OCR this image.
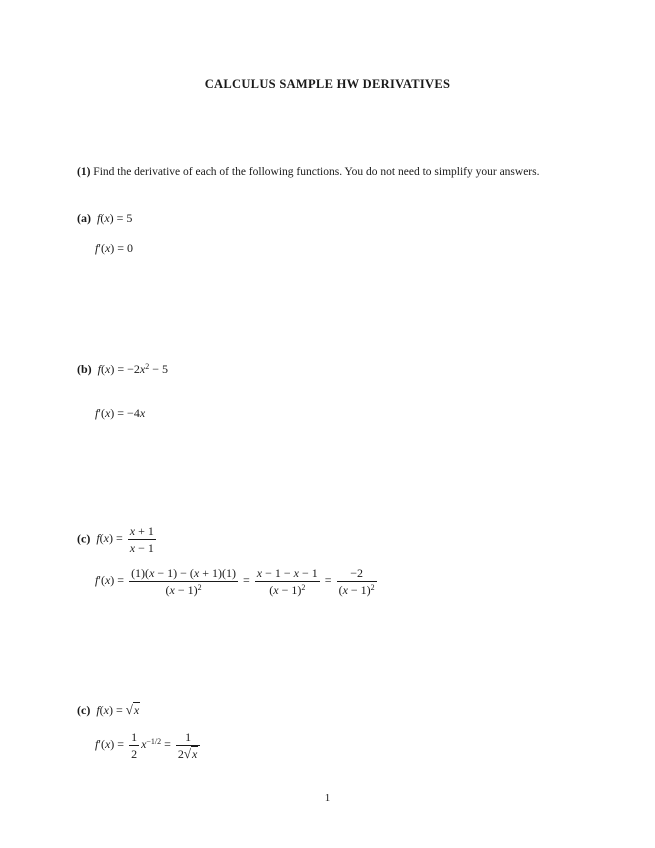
CALCULUS SAMPLE HW DERIVATIVES
(1) Find the derivative of each of the following functions. You do not need to simplify your answers.
(a) f(x) = 5
f′(x) = 0
(b) $f(x) = -2x^2 - 5$
f′(x) = −4x
(c) $f(x) = \frac{x + 1}{x - 1}$
$f'(x) = \frac{(1)(x - 1) - (x + 1)(1)}{(x - 1)^2} = \frac{x - 1 - x - 1}{(x - 1)^2} = \frac{-2}{(x - 1)^2}$
(c) f(x) = √x
$f'(x) = \frac{1}{2} x^{-1/2} = \frac{1}{2√x}$
1
